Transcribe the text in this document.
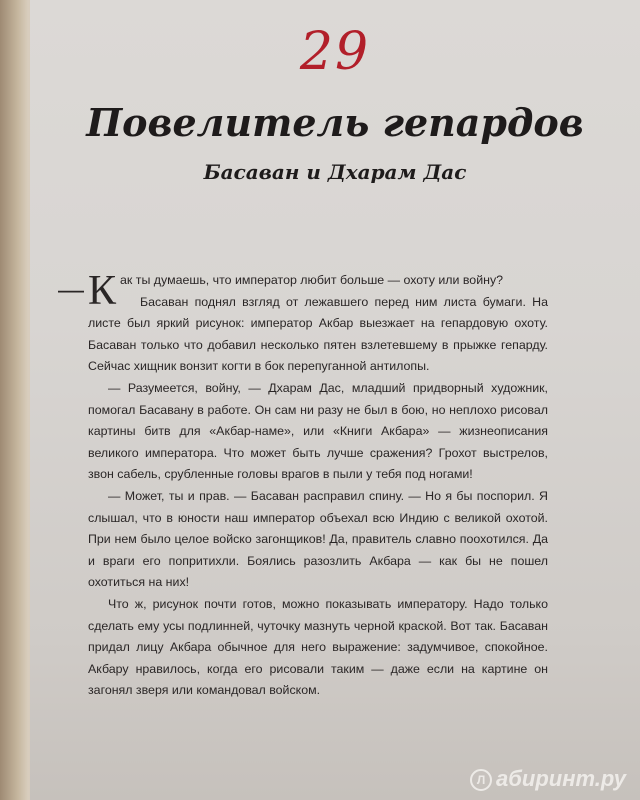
29
Повелитель гепардов
Басаван и Дхарам Дас

— К ак ты думаешь, что император любит больше — охоту или войну?

Басаван поднял взгляд от лежавшего перед ним листа бумаги. На листе был яркий рисунок: император Акбар выезжает на гепардовую охоту. Басаван только что добавил несколько пятен взлетевшему в прыжке гепарду. Сейчас хищник вонзит когти в бок перепуганной антилопы.

— Разумеется, войну, — Дхарам Дас, младший придворный художник, помогал Басавану в работе. Он сам ни разу не был в бою, но неплохо рисовал картины битв для «Акбар-наме», или «Книги Акбара» — жизнеописания великого императора. Что может быть лучше сражения? Грохот выстрелов, звон сабель, срубленные головы врагов в пыли у тебя под ногами!

— Может, ты и прав. — Басаван расправил спину. — Но я бы поспорил. Я слышал, что в юности наш император объехал всю Индию с великой охотой. При нем было целое войско загонщиков! Да, правитель славно поохотился. Да и враги его попритихли. Боялись разозлить Акбара — как бы не пошел охотиться на них!

Что ж, рисунок почти готов, можно показывать императору. Надо только сделать ему усы подлинней, чуточку мазнуть черной краской. Вот так. Басаван придал лицу Акбара обычное для него выражение: задумчивое, спокойное. Акбару нравилось, когда его рисовали таким — даже если на картине он загонял зверя или командовал войском.

Л абиринт.ру
